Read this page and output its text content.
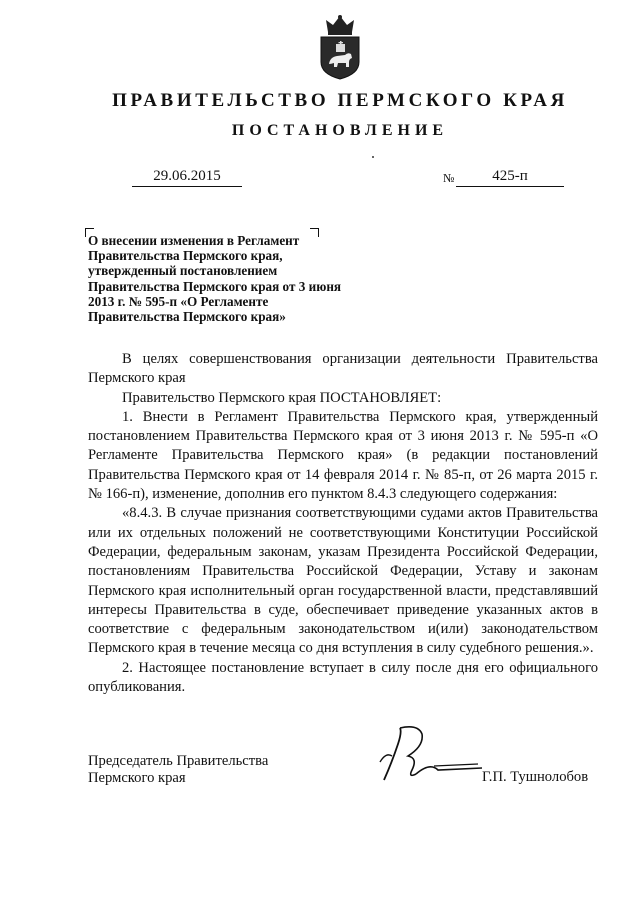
ПРАВИТЕЛЬСТВО ПЕРМСКОГО КРАЯ
ПОСТАНОВЛЕНИЕ
29.06.2015	№	425-п
О внесении изменения в Регламент Правительства Пермского края, утвержденный постановлением Правительства Пермского края от 3 июня 2013 г. № 595-п «О Регламенте Правительства Пермского края»

В целях совершенствования организации деятельности Правительства Пермского края

Правительство Пермского края ПОСТАНОВЛЯЕТ:

1. Внести в Регламент Правительства Пермского края, утвержденный постановлением Правительства Пермского края от 3 июня 2013 г. № 595-п «О Регламенте Правительства Пермского края» (в редакции постановлений Правительства Пермского края от 14 февраля 2014 г. № 85-п, от 26 марта 2015 г. № 166-п), изменение, дополнив его пунктом 8.4.3 следующего содержания:

«8.4.3. В случае признания соответствующими судами актов Правительства или их отдельных положений не соответствующими Конституции Российской Федерации, федеральным законам, указам Президента Российской Федерации, постановлениям Правительства Российской Федерации, Уставу и законам Пермского края исполнительный орган государственной власти, представлявший интересы Правительства в суде, обеспечивает приведение указанных актов в соответствие с федеральным законодательством и(или) законодательством Пермского края в течение месяца со дня вступления в силу судебного решения.».

2. Настоящее постановление вступает в силу после дня его официального опубликования.

Председатель Правительства
Пермского края	Г.П. Тушнолобов
